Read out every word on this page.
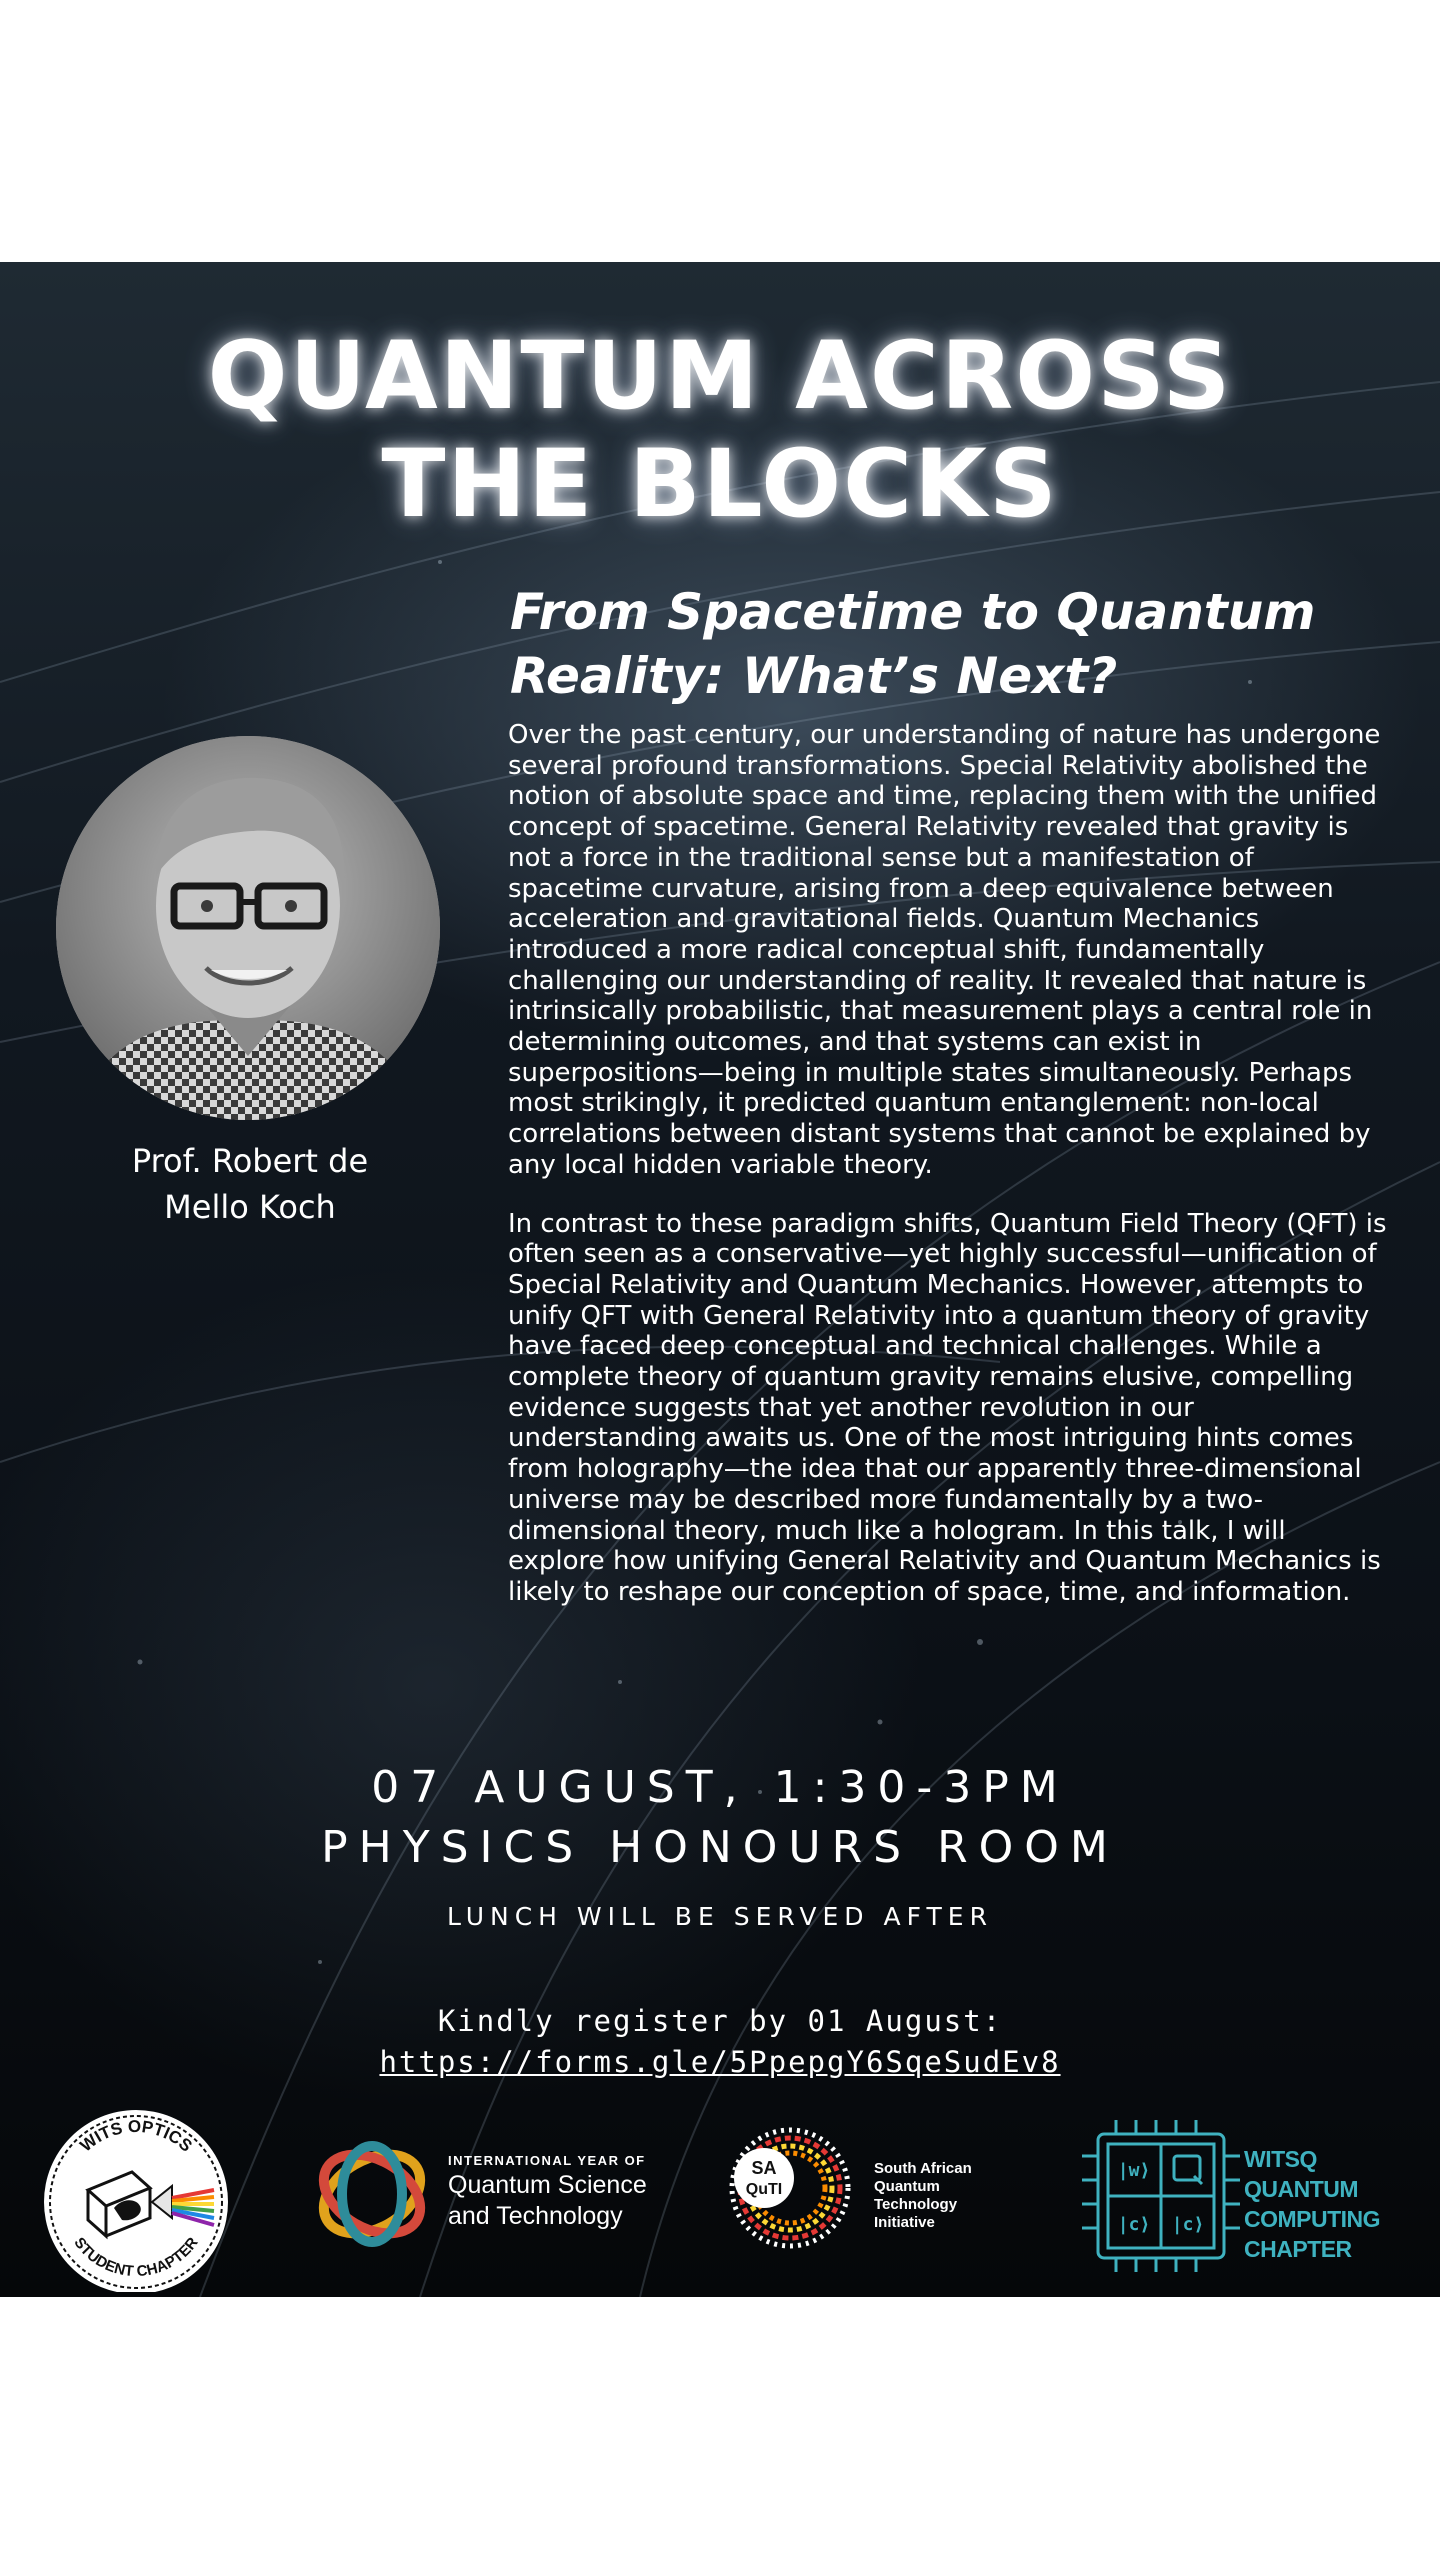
QUANTUM ACROSS
THE BLOCKS
From Spacetime to Quantum
Reality: What’s Next?
Prof. Robert de
Mello Koch

Over the past century, our understanding of nature has undergone several profound transformations. Special Relativity abolished the notion of absolute space and time, replacing them with the unified concept of spacetime. General Relativity revealed that gravity is not a force in the traditional sense but a manifestation of spacetime curvature, arising from a deep equivalence between acceleration and gravitational fields. Quantum Mechanics introduced a more radical conceptual shift, fundamentally challenging our understanding of reality. It revealed that nature is intrinsically probabilistic, that measurement plays a central role in determining outcomes, and that systems can exist in superpositions—being in multiple states simultaneously. Perhaps most strikingly, it predicted quantum entanglement: non-local correlations between distant systems that cannot be explained by any local hidden variable theory.

In contrast to these paradigm shifts, Quantum Field Theory (QFT) is often seen as a conservative—yet highly successful—unification of Special Relativity and Quantum Mechanics. However, attempts to unify QFT with General Relativity into a quantum theory of gravity have faced deep conceptual and technical challenges. While a complete theory of quantum gravity remains elusive, compelling evidence suggests that yet another revolution in our understanding awaits us. One of the most intriguing hints comes from holography—the idea that our apparently three-dimensional universe may be described more fundamentally by a two-dimensional theory, much like a hologram. In this talk, I will explore how unifying General Relativity and Quantum Mechanics is likely to reshape our conception of space, time, and information.

07 AUGUST, 1:30-3PM
PHYSICS HONOURS ROOM
LUNCH WILL BE SERVED AFTER
Kindly register by 01 August:
https://forms.gle/5PpepgY6SqeSudEv8
WITS OPTICS
STUDENT CHAPTER
INTERNATIONAL YEAR OF
Quantum Science
and Technology
SA
QuTI
South African
Quantum
Technology
Initiative
|w⟩
|c⟩ |c⟩
WITSQ
QUANTUM
COMPUTING
CHAPTER
